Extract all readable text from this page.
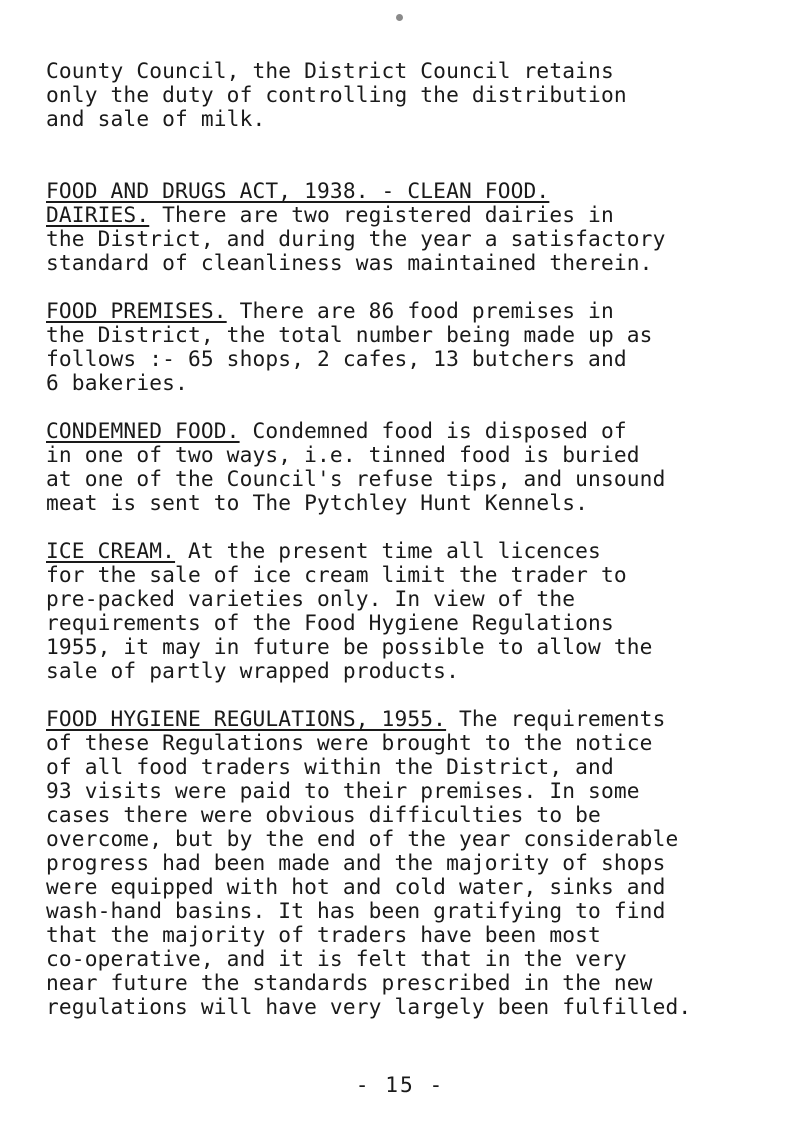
County Council, the District Council retains
only the duty of controlling the distribution
and sale of milk.

FOOD AND DRUGS ACT, 1938. - CLEAN FOOD.

DAIRIES. There are two registered dairies in
the District, and during the year a satisfactory
standard of cleanliness was maintained therein.
FOOD PREMISES. There are 86 food premises in
the District, the total number being made up as
follows :- 65 shops, 2 cafes, 13 butchers and
6 bakeries.
CONDEMNED FOOD. Condemned food is disposed of
in one of two ways, i.e. tinned food is buried
at one of the Council's refuse tips, and unsound
meat is sent to The Pytchley Hunt Kennels.
ICE CREAM. At the present time all licences
for the sale of ice cream limit the trader to
pre-packed varieties only. In view of the
requirements of the Food Hygiene Regulations
1955, it may in future be possible to allow the
sale of partly wrapped products.
FOOD HYGIENE REGULATIONS, 1955. The requirements
of these Regulations were brought to the notice
of all food traders within the District, and
93 visits were paid to their premises. In some
cases there were obvious difficulties to be
overcome, but by the end of the year considerable
progress had been made and the majority of shops
were equipped with hot and cold water, sinks and
wash-hand basins. It has been gratifying to find
that the majority of traders have been most
co-operative, and it is felt that in the very
near future the standards prescribed in the new
regulations will have very largely been fulfilled.
- 15 -
